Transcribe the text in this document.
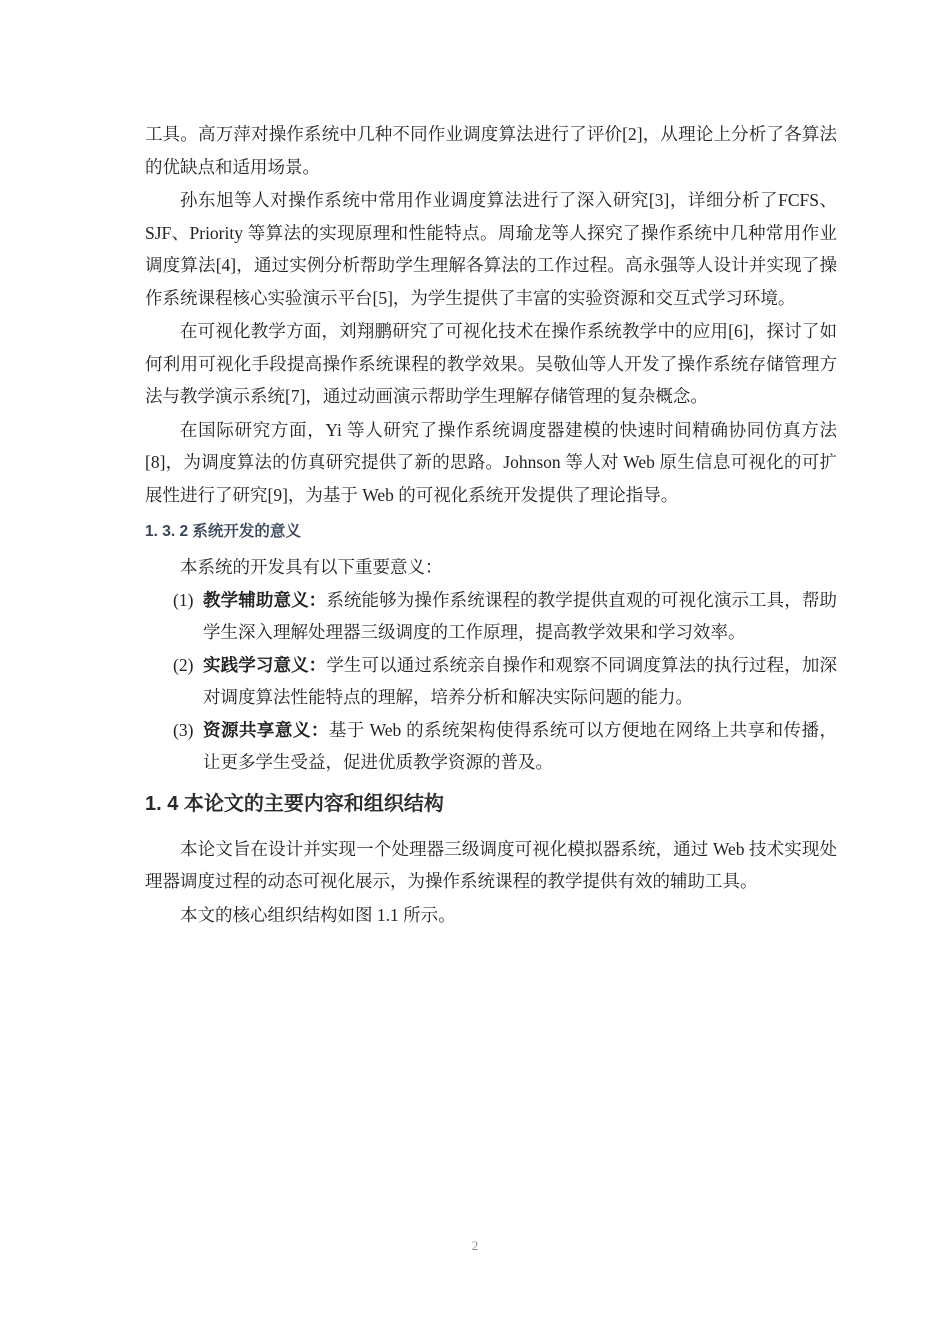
工具。高万萍对操作系统中几种不同作业调度算法进行了评价[2]，从理论上分析了各算法的优缺点和适用场景。

孙东旭等人对操作系统中常用作业调度算法进行了深入研究[3]，详细分析了FCFS、SJF、Priority 等算法的实现原理和性能特点。周瑜龙等人探究了操作系统中几种常用作业调度算法[4]，通过实例分析帮助学生理解各算法的工作过程。高永强等人设计并实现了操作系统课程核心实验演示平台[5]，为学生提供了丰富的实验资源和交互式学习环境。

在可视化教学方面，刘翔鹏研究了可视化技术在操作系统教学中的应用[6]，探讨了如何利用可视化手段提高操作系统课程的教学效果。吴敬仙等人开发了操作系统存储管理方法与教学演示系统[7]，通过动画演示帮助学生理解存储管理的复杂概念。

在国际研究方面，Yi 等人研究了操作系统调度器建模的快速时间精确协同仿真方法[8]，为调度算法的仿真研究提供了新的思路。Johnson 等人对 Web 原生信息可视化的可扩展性进行了研究[9]，为基于 Web 的可视化系统开发提供了理论指导。

1. 3. 2 系统开发的意义

本系统的开发具有以下重要意义：

(1) 教学辅助意义：系统能够为操作系统课程的教学提供直观的可视化演示工具，帮助学生深入理解处理器三级调度的工作原理，提高教学效果和学习效率。
(2) 实践学习意义：学生可以通过系统亲自操作和观察不同调度算法的执行过程，加深对调度算法性能特点的理解，培养分析和解决实际问题的能力。
(3) 资源共享意义：基于 Web 的系统架构使得系统可以方便地在网络上共享和传播，让更多学生受益，促进优质教学资源的普及。
1. 4 本论文的主要内容和组织结构

本论文旨在设计并实现一个处理器三级调度可视化模拟器系统，通过 Web 技术实现处理器调度过程的动态可视化展示，为操作系统课程的教学提供有效的辅助工具。

本文的核心组织结构如图 1.1 所示。

2
